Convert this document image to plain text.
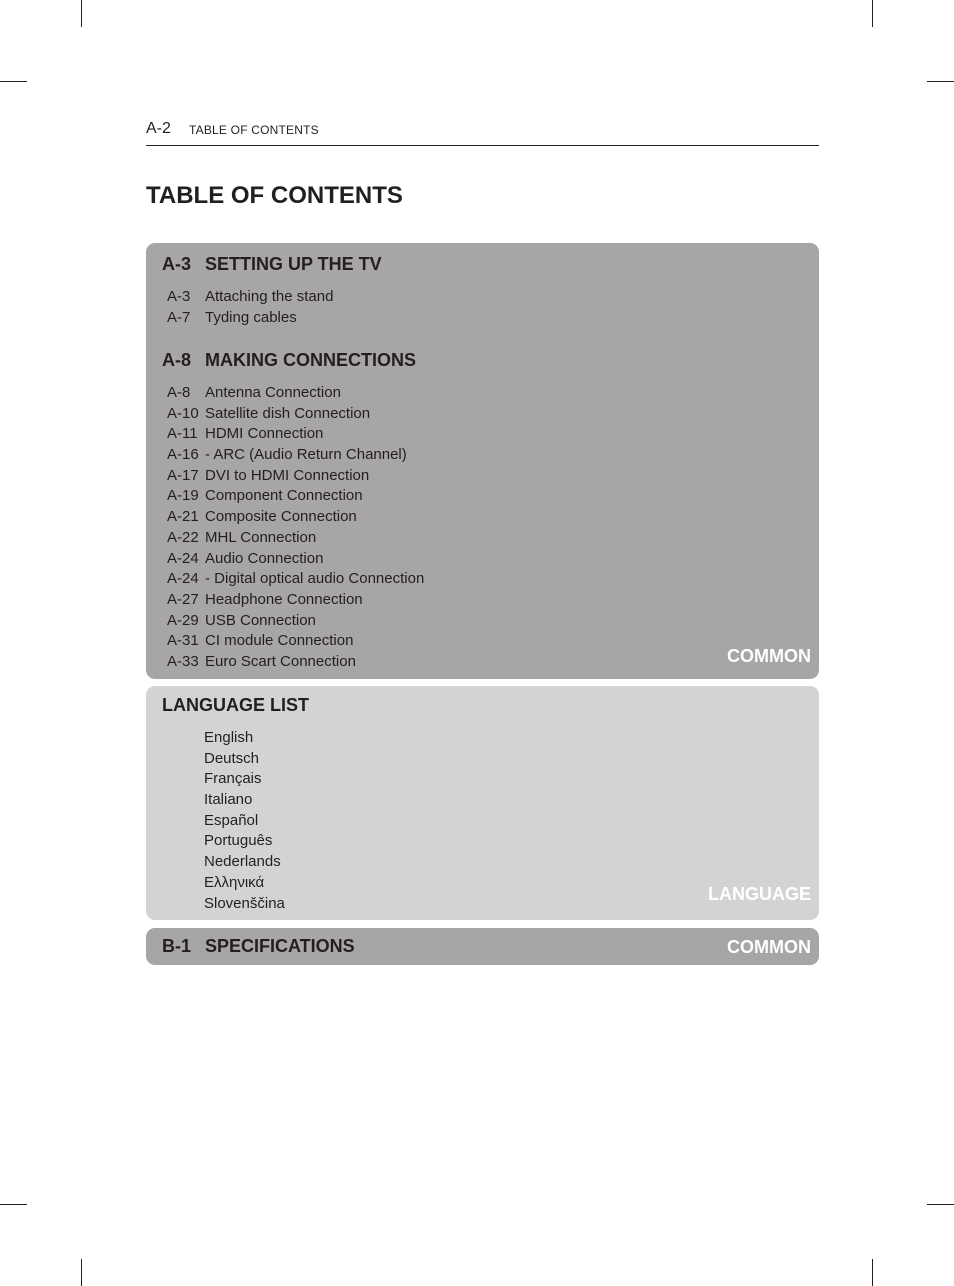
A-2 TABLE OF CONTENTS
TABLE OF CONTENTS
A-3 SETTING UP THE TV
A-3 Attaching the stand
A-7 Tyding cables
A-8 MAKING CONNECTIONS
A-8 Antenna Connection
A-10 Satellite dish Connection
A-11 HDMI Connection
A-16 - ARC (Audio Return Channel)
A-17 DVI to HDMI Connection
A-19 Component Connection
A-21 Composite Connection
A-22 MHL Connection
A-24 Audio Connection
A-24 - Digital optical audio Connection
A-27 Headphone Connection
A-29 USB Connection
A-31 CI module Connection
A-33 Euro Scart Connection	COMMON
LANGUAGE LIST
English
Deutsch
Français
Italiano
Español
Português
Nederlands
Ελληνικά
Slovenščina	LANGUAGE
B-1 SPECIFICATIONS	COMMON
